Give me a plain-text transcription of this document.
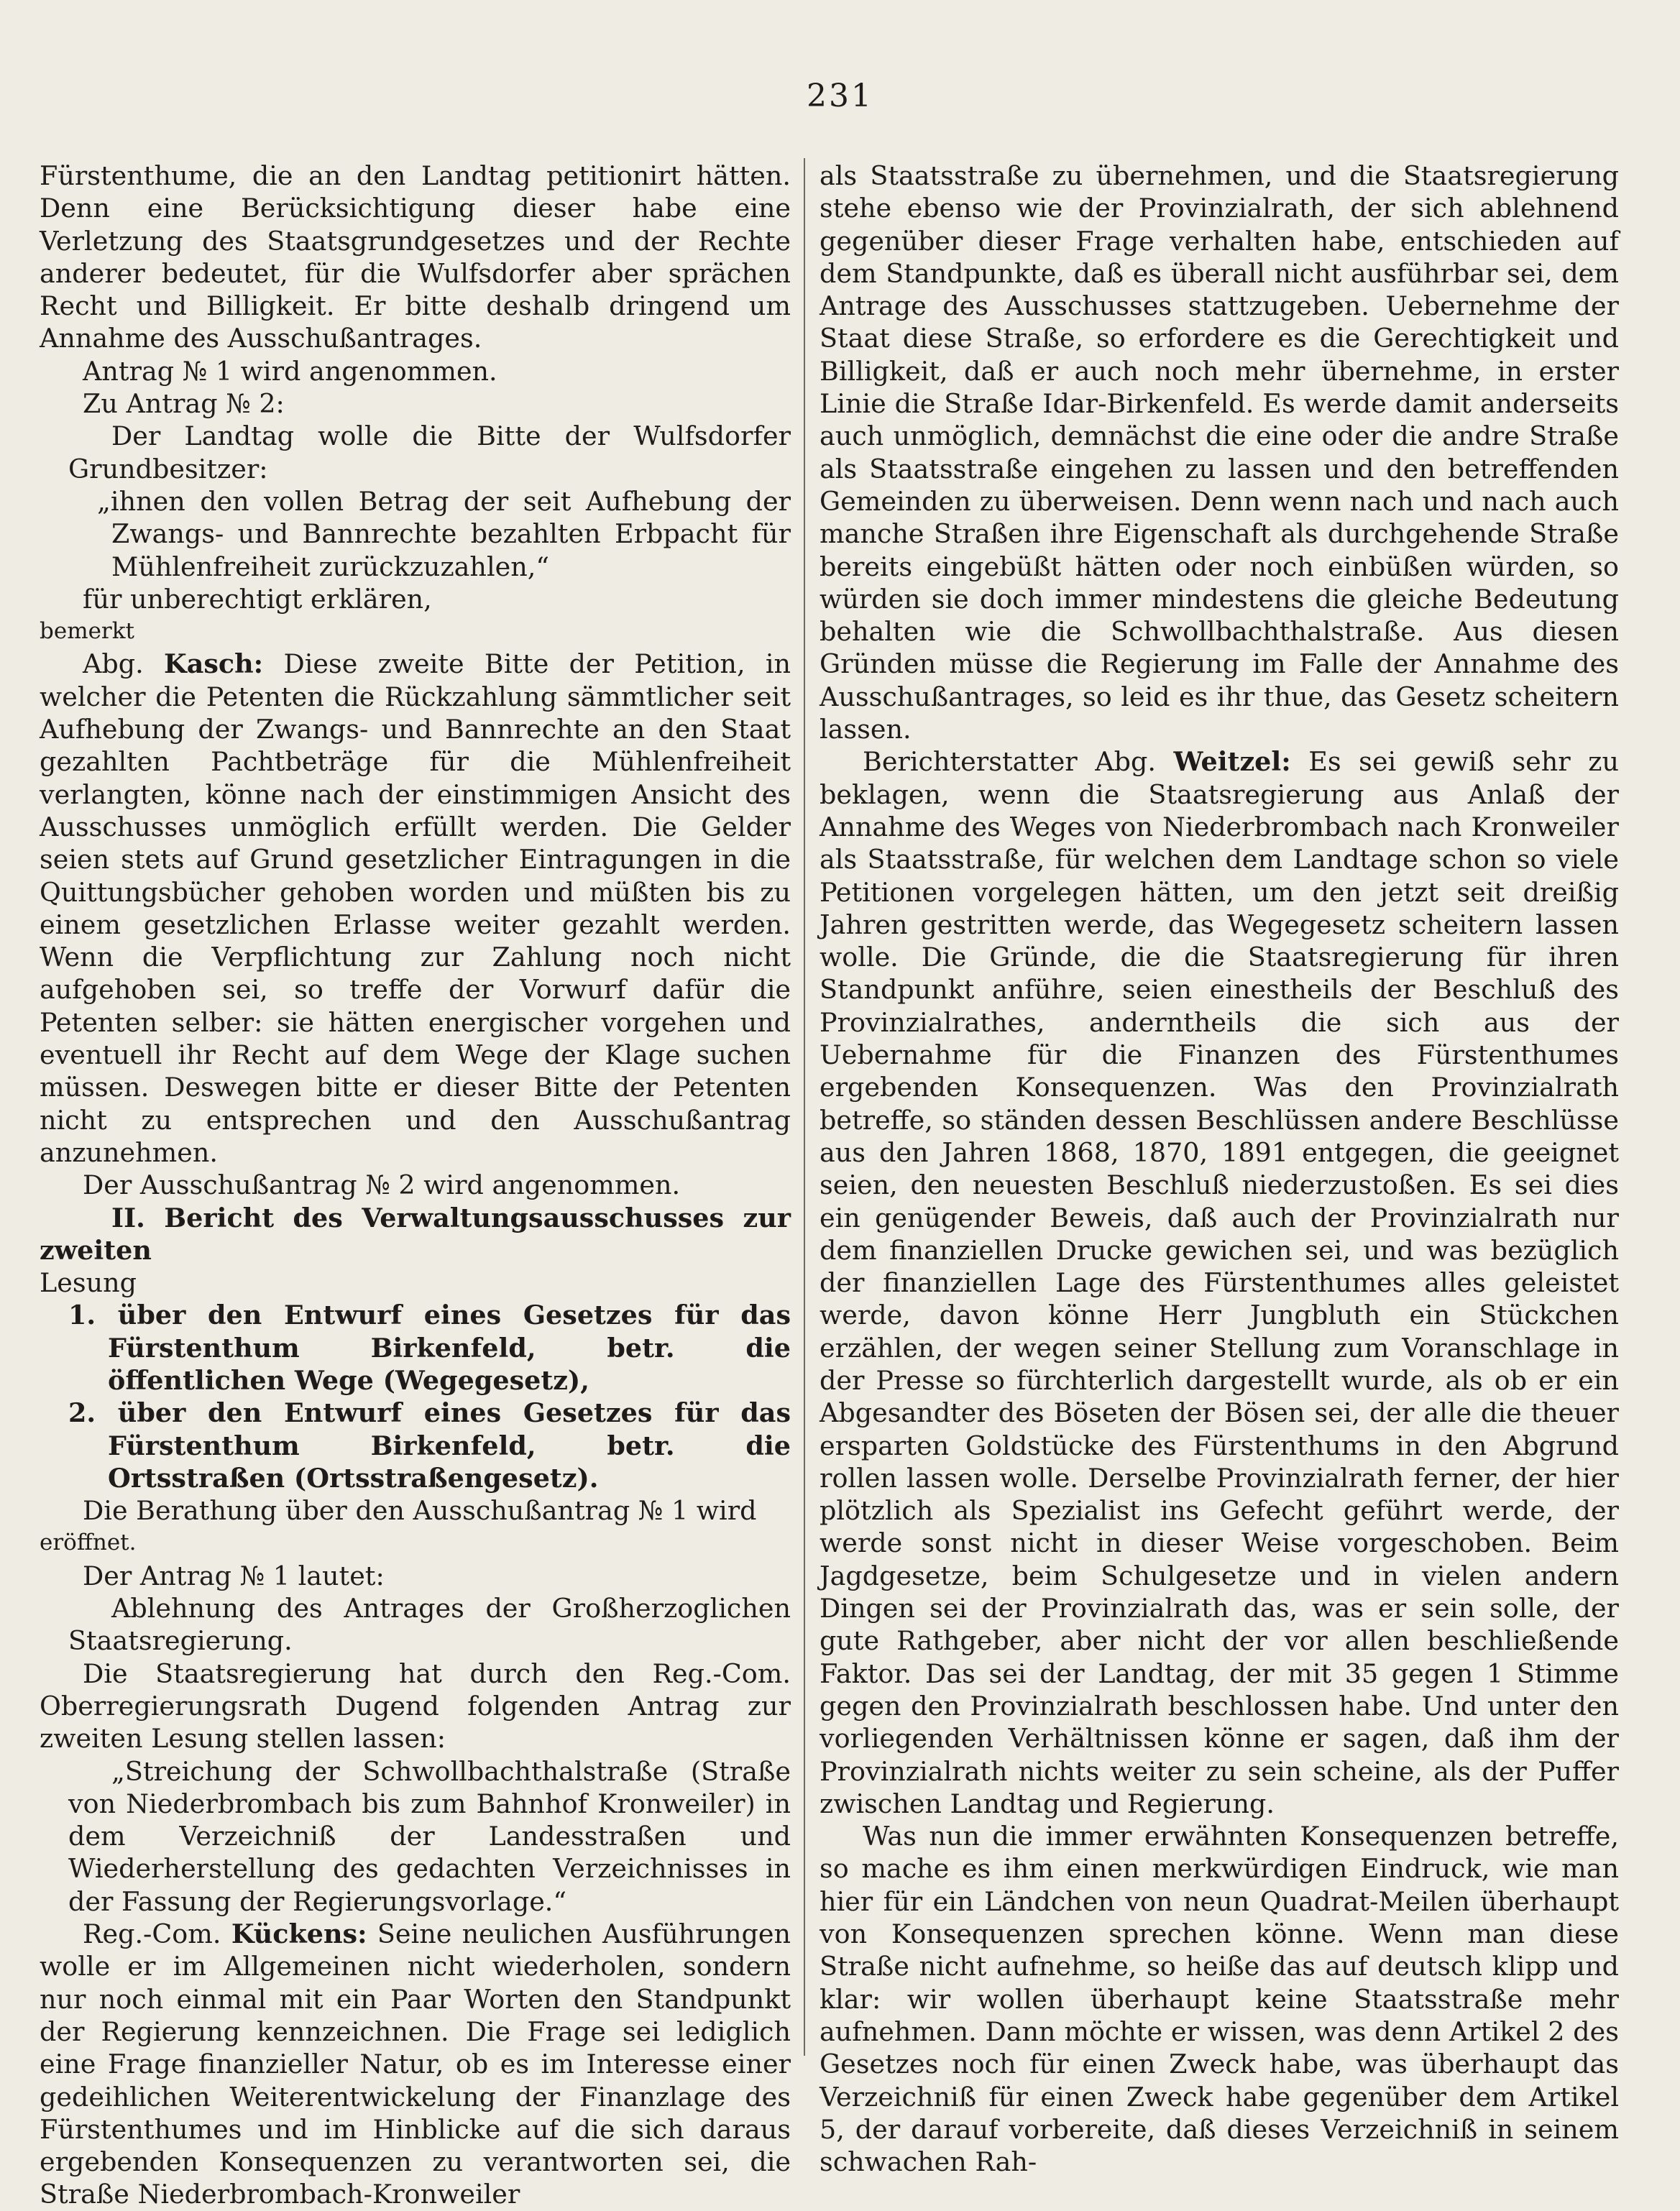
231

Fürstenthume, die an den Landtag petitionirt hätten. Denn eine Berücksichtigung dieser habe eine Verletzung des Staatsgrundgesetzes und der Rechte anderer bedeutet, für die Wulfsdorfer aber sprächen Recht und Billigkeit. Er bitte deshalb dringend um Annahme des Ausschußantrages.

Antrag № 1 wird angenommen.

Zu Antrag № 2:

Der Landtag wolle die Bitte der Wulfsdorfer Grundbesitzer:

„ihnen den vollen Betrag der seit Aufhebung der Zwangs- und Bannrechte bezahlten Erbpacht für Mühlenfreiheit zurückzuzahlen,“

für unberechtigt erklären,

bemerkt

Abg. Kasch: Diese zweite Bitte der Petition, in welcher die Petenten die Rückzahlung sämmtlicher seit Aufhebung der Zwangs- und Bannrechte an den Staat gezahlten Pachtbeträge für die Mühlenfreiheit verlangten, könne nach der einstimmigen Ansicht des Ausschusses unmöglich erfüllt werden. Die Gelder seien stets auf Grund gesetzlicher Eintragungen in die Quittungsbücher gehoben worden und müßten bis zu einem gesetzlichen Erlasse weiter gezahlt werden. Wenn die Verpflichtung zur Zahlung noch nicht aufgehoben sei, so treffe der Vorwurf dafür die Petenten selber: sie hätten energischer vorgehen und eventuell ihr Recht auf dem Wege der Klage suchen müssen. Deswegen bitte er dieser Bitte der Petenten nicht zu entsprechen und den Ausschußantrag anzunehmen.

Der Ausschußantrag № 2 wird angenommen.

II. Bericht des Verwaltungsausschusses zur zweiten

Lesung

1. über den Entwurf eines Gesetzes für das Fürstenthum Birkenfeld, betr. die öffentlichen Wege (Wegegesetz),

2. über den Entwurf eines Gesetzes für das Fürstenthum Birkenfeld, betr. die Ortsstraßen (Ortsstraßengesetz).

Die Berathung über den Ausschußantrag № 1 wird

eröffnet.

Der Antrag № 1 lautet:

Ablehnung des Antrages der Großherzoglichen Staatsregierung.

Die Staatsregierung hat durch den Reg.-Com. Oberregierungsrath Dugend folgenden Antrag zur zweiten Lesung stellen lassen:

„Streichung der Schwollbachthalstraße (Straße von Niederbrombach bis zum Bahnhof Kronweiler) in dem Verzeichniß der Landesstraßen und Wiederherstellung des gedachten Verzeichnisses in der Fassung der Regierungsvorlage.“

Reg.-Com. Kückens: Seine neulichen Ausführungen wolle er im Allgemeinen nicht wiederholen, sondern nur noch einmal mit ein Paar Worten den Standpunkt der Regierung kennzeichnen. Die Frage sei lediglich eine Frage finanzieller Natur, ob es im Interesse einer gedeihlichen Weiterentwickelung der Finanzlage des Fürstenthumes und im Hinblicke auf die sich daraus ergebenden Konsequenzen zu verantworten sei, die Straße Niederbrombach-Kronweiler

als Staatsstraße zu übernehmen, und die Staatsregierung stehe ebenso wie der Provinzialrath, der sich ablehnend gegenüber dieser Frage verhalten habe, entschieden auf dem Standpunkte, daß es überall nicht ausführbar sei, dem Antrage des Ausschusses stattzugeben. Uebernehme der Staat diese Straße, so erfordere es die Gerechtigkeit und Billigkeit, daß er auch noch mehr übernehme, in erster Linie die Straße Idar-Birkenfeld. Es werde damit anderseits auch unmöglich, demnächst die eine oder die andre Straße als Staatsstraße eingehen zu lassen und den betreffenden Gemeinden zu überweisen. Denn wenn nach und nach auch manche Straßen ihre Eigenschaft als durchgehende Straße bereits eingebüßt hätten oder noch einbüßen würden, so würden sie doch immer mindestens die gleiche Bedeutung behalten wie die Schwollbachthalstraße. Aus diesen Gründen müsse die Regierung im Falle der Annahme des Ausschußantrages, so leid es ihr thue, das Gesetz scheitern lassen.

Berichterstatter Abg. Weitzel: Es sei gewiß sehr zu beklagen, wenn die Staatsregierung aus Anlaß der Annahme des Weges von Niederbrombach nach Kronweiler als Staatsstraße, für welchen dem Landtage schon so viele Petitionen vorgelegen hätten, um den jetzt seit dreißig Jahren gestritten werde, das Wegegesetz scheitern lassen wolle. Die Gründe, die die Staatsregierung für ihren Standpunkt anführe, seien einestheils der Beschluß des Provinzialrathes, anderntheils die sich aus der Uebernahme für die Finanzen des Fürstenthumes ergebenden Konsequenzen. Was den Provinzialrath betreffe, so ständen dessen Beschlüssen andere Beschlüsse aus den Jahren 1868, 1870, 1891 entgegen, die geeignet seien, den neuesten Beschluß niederzustoßen. Es sei dies ein genügender Beweis, daß auch der Provinzialrath nur dem finanziellen Drucke gewichen sei, und was bezüglich der finanziellen Lage des Fürstenthumes alles geleistet werde, davon könne Herr Jungbluth ein Stückchen erzählen, der wegen seiner Stellung zum Voranschlage in der Presse so fürchterlich dargestellt wurde, als ob er ein Abgesandter des Böseten der Bösen sei, der alle die theuer ersparten Goldstücke des Fürstenthums in den Abgrund rollen lassen wolle. Derselbe Provinzialrath ferner, der hier plötzlich als Spezialist ins Gefecht geführt werde, der werde sonst nicht in dieser Weise vorgeschoben. Beim Jagdgesetze, beim Schulgesetze und in vielen andern Dingen sei der Provinzialrath das, was er sein solle, der gute Rathgeber, aber nicht der vor allen beschließende Faktor. Das sei der Landtag, der mit 35 gegen 1 Stimme gegen den Provinzialrath beschlossen habe. Und unter den vorliegenden Verhältnissen könne er sagen, daß ihm der Provinzialrath nichts weiter zu sein scheine, als der Puffer zwischen Landtag und Regierung.

Was nun die immer erwähnten Konsequenzen betreffe, so mache es ihm einen merkwürdigen Eindruck, wie man hier für ein Ländchen von neun Quadrat-Meilen überhaupt von Konsequenzen sprechen könne. Wenn man diese Straße nicht aufnehme, so heiße das auf deutsch klipp und klar: wir wollen überhaupt keine Staatsstraße mehr aufnehmen. Dann möchte er wissen, was denn Artikel 2 des Gesetzes noch für einen Zweck habe, was überhaupt das Verzeichniß für einen Zweck habe gegenüber dem Artikel 5, der darauf vorbereite, daß dieses Verzeichniß in seinem schwachen Rah-
